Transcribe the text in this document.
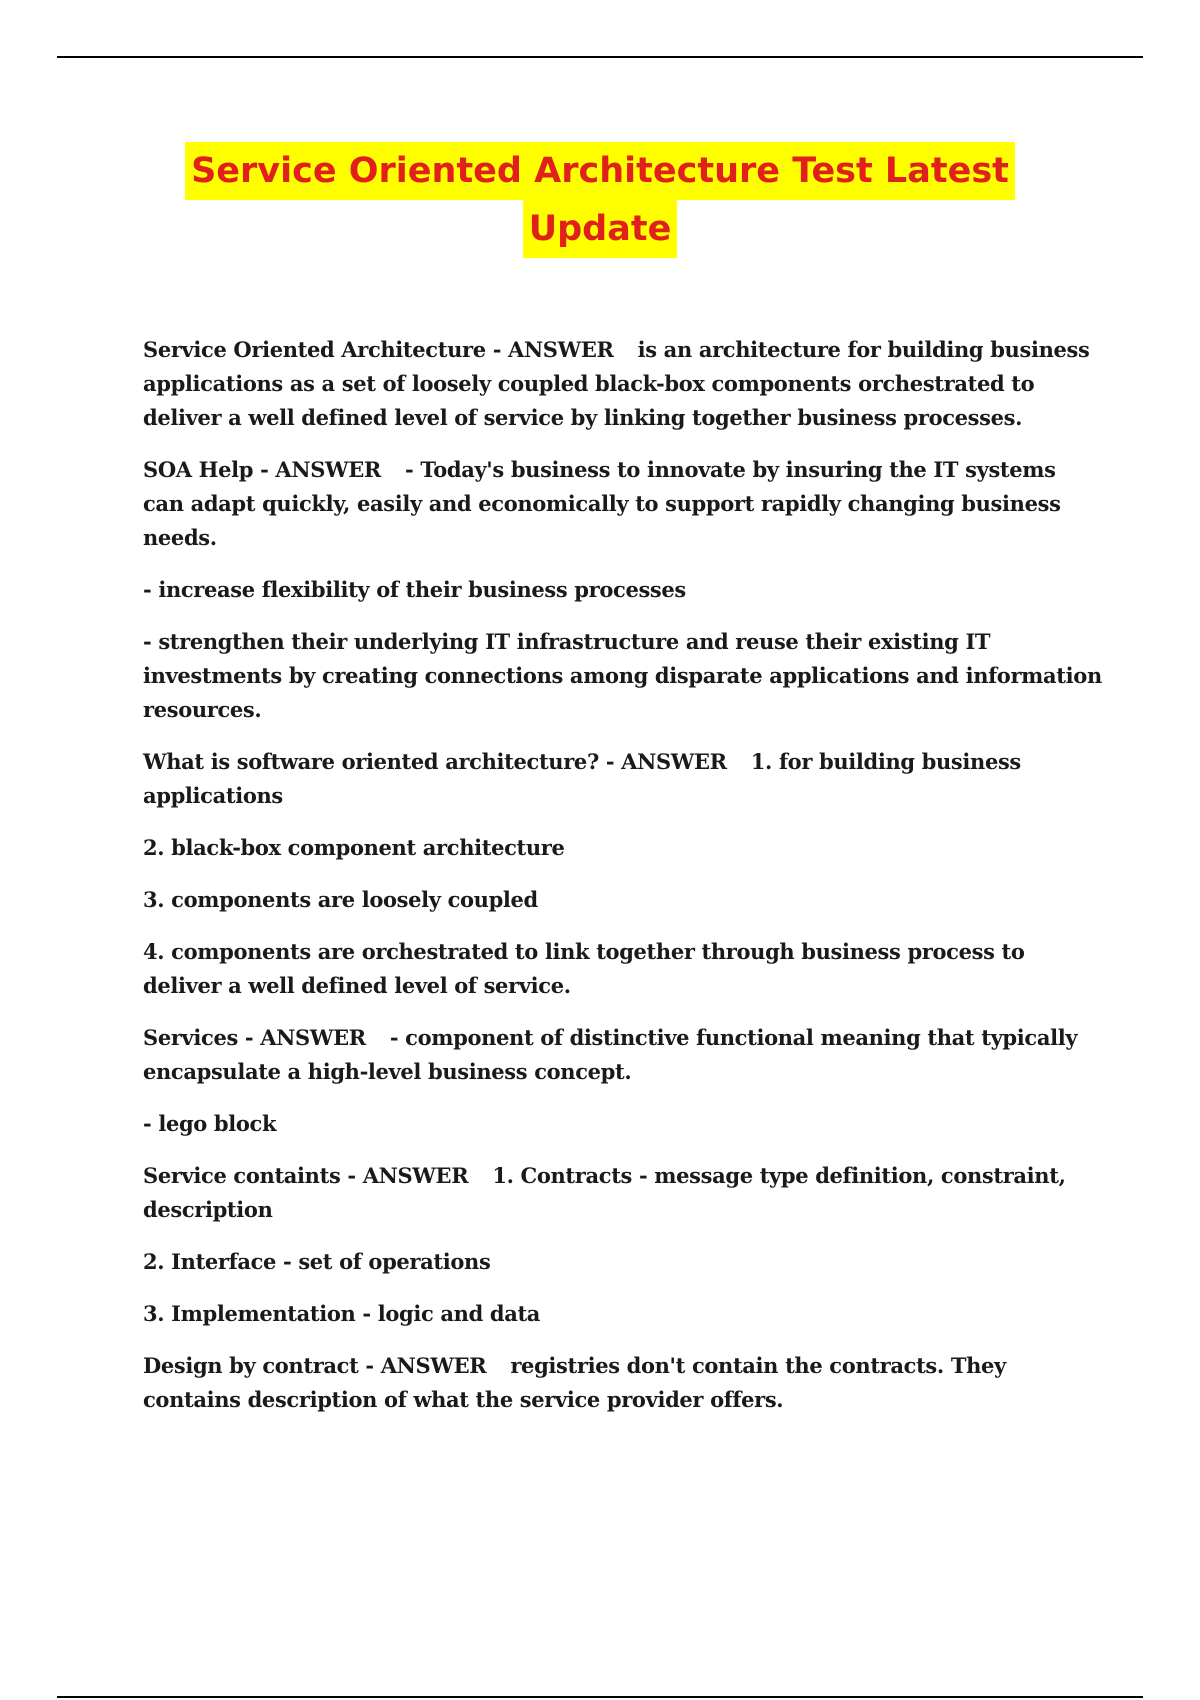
Service Oriented Architecture Test Latest
Update

Service Oriented Architecture - ANSWER is an architecture for building business applications as a set of loosely coupled black-box components orchestrated to deliver a well defined level of service by linking together business processes.

SOA Help - ANSWER - Today's business to innovate by insuring the IT systems can adapt quickly, easily and economically to support rapidly changing business needs.

- increase flexibility of their business processes

- strengthen their underlying IT infrastructure and reuse their existing IT investments by creating connections among disparate applications and information resources.

What is software oriented architecture? - ANSWER 1. for building business applications

2. black-box component architecture

3. components are loosely coupled

4. components are orchestrated to link together through business process to deliver a well defined level of service.

Services - ANSWER - component of distinctive functional meaning that typically encapsulate a high-level business concept.

- lego block

Service containts - ANSWER 1. Contracts - message type definition, constraint, description

2. Interface - set of operations

3. Implementation - logic and data

Design by contract - ANSWER registries don't contain the contracts. They contains description of what the service provider offers.
